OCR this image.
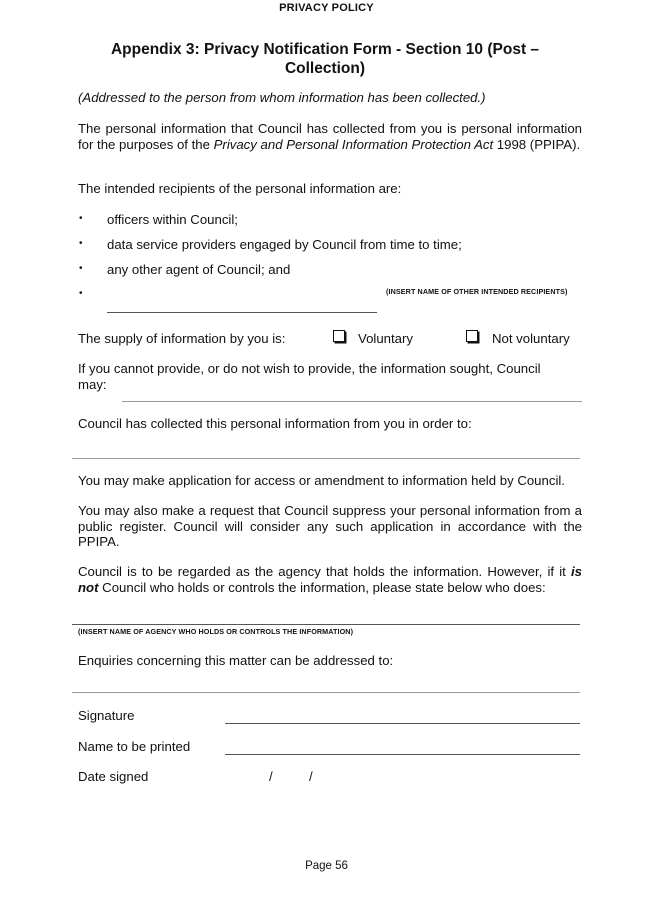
PRIVACY POLICY
Appendix 3: Privacy Notification Form - Section 10 (Post – Collection)
(Addressed to the person from whom information has been collected.)
The personal information that Council has collected from you is personal information for the purposes of the Privacy and Personal Information Protection Act 1998 (PPIPA).
The intended recipients of the personal information are:
• officers within Council;
• data service providers engaged by Council from time to time;
• any other agent of Council; and
•	(INSERT NAME OF OTHER INTENDED RECIPIENTS)
The supply of information by you is:	Voluntary	Not voluntary
If you cannot provide, or do not wish to provide, the information sought, Council may:
Council has collected this personal information from you in order to:
You may make application for access or amendment to information held by Council.
You may also make a request that Council suppress your personal information from a public register. Council will consider any such application in accordance with the PPIPA.
Council is to be regarded as the agency that holds the information. However, if it is not Council who holds or controls the information, please state below who does:
(INSERT NAME OF AGENCY WHO HOLDS OR CONTROLS THE INFORMATION)
Enquiries concerning this matter can be addressed to:
Signature
Name to be printed
Date signed	/	/
Page 56
